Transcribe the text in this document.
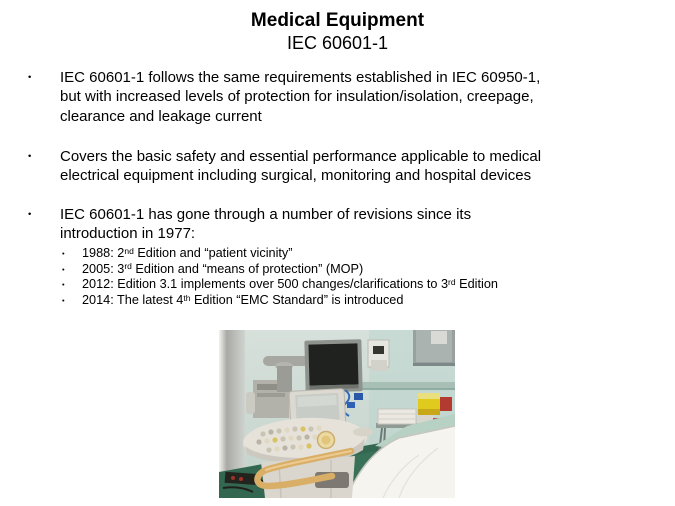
Medical Equipment
IEC 60601-1
•	IEC 60601-1 follows the same requirements established in IEC 60950-1,
but with increased levels of protection for insulation/isolation, creepage,
clearance and leakage current
•	Covers the basic safety and essential performance applicable to medical
electrical equipment including surgical, monitoring and hospital devices
•	IEC 60601-1 has gone through a number of revisions since its
introduction in 1977:
•	1988: 2nd Edition and “patient vicinity”
•	2005: 3rd Edition and “means of protection” (MOP)
•	2012: Edition 3.1 implements over 500 changes/clarifications to 3rd Edition
•	2014: The latest 4th Edition “EMC Standard” is introduced
